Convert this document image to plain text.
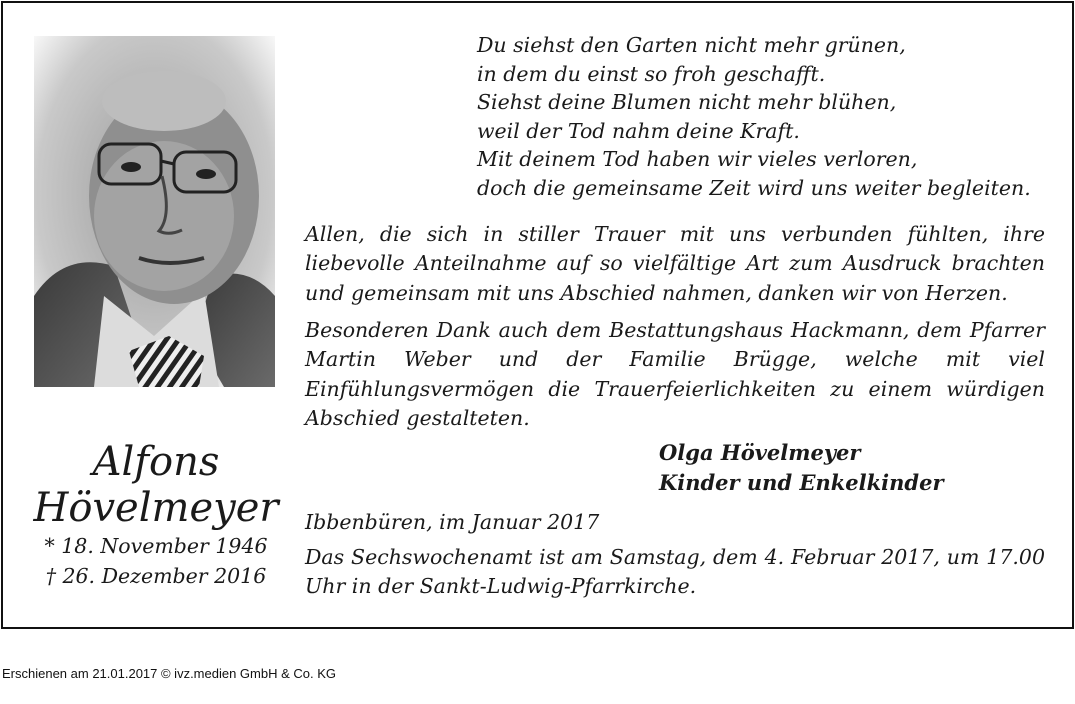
Du siehst den Garten nicht mehr grünen,
in dem du einst so froh geschafft.
Siehst deine Blumen nicht mehr blühen,
weil der Tod nahm deine Kraft.
Mit deinem Tod haben wir vieles verloren,
doch die gemeinsame Zeit wird uns weiter begleiten.
Allen, die sich in stiller Trauer mit uns verbunden fühlten, ihre liebevolle Anteilnahme auf so vielfältige Art zum Ausdruck brachten und gemeinsam mit uns Abschied nahmen, danken wir von Herzen.
Besonderen Dank auch dem Bestattungshaus Hackmann, dem Pfarrer Martin Weber und der Familie Brügge, welche mit viel Einfühlungsvermögen die Trauerfeierlichkeiten zu einem würdigen Abschied gestalteten.
Olga Hövelmeyer
Kinder und Enkelkinder
Ibbenbüren, im Januar 2017
Das Sechswochenamt ist am Samstag, dem 4. Februar 2017, um 17.00 Uhr in der Sankt-Ludwig-Pfarrkirche.
Alfons
Hövelmeyer
* 18. November 1946
† 26. Dezember 2016
Erschienen am 21.01.2017 © ivz.medien GmbH & Co. KG
